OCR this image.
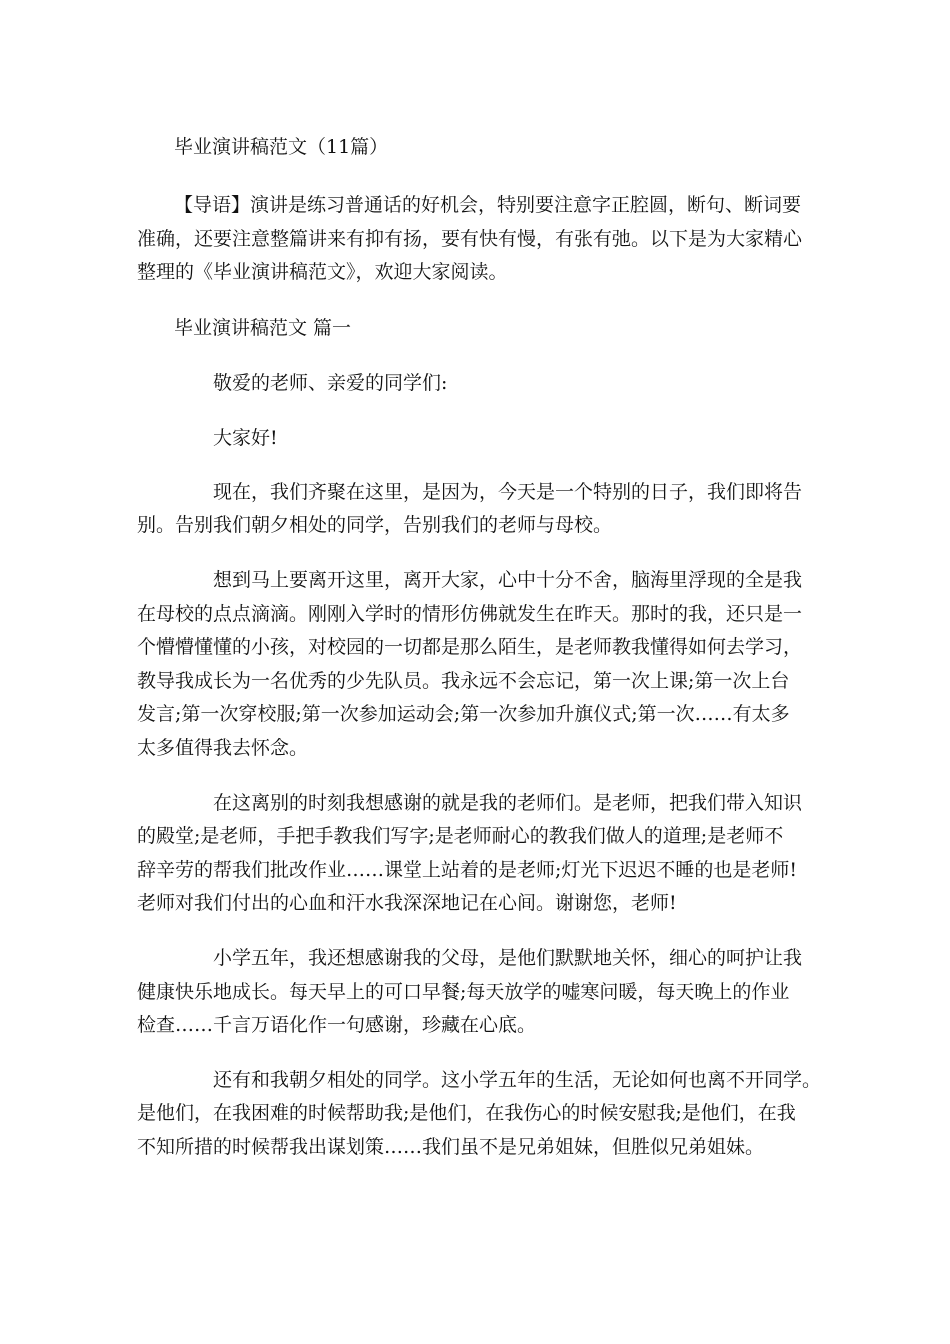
毕业演讲稿范文（11篇）
【导语】演讲是练习普通话的好机会，特别要注意字正腔圆，断句、断词要
准确，还要注意整篇讲来有抑有扬，要有快有慢，有张有弛。以下是为大家精心
整理的《毕业演讲稿范文》，欢迎大家阅读。
毕业演讲稿范文 篇一
敬爱的老师、亲爱的同学们:
大家好!
现在，我们齐聚在这里，是因为，今天是一个特别的日子，我们即将告
别。告别我们朝夕相处的同学，告别我们的老师与母校。
想到马上要离开这里，离开大家，心中十分不舍，脑海里浮现的全是我
在母校的点点滴滴。刚刚入学时的情形仿佛就发生在昨天。那时的我，还只是一
个懵懵懂懂的小孩，对校园的一切都是那么陌生，是老师教我懂得如何去学习，
教导我成长为一名优秀的少先队员。我永远不会忘记，第一次上课;第一次上台
发言;第一次穿校服;第一次参加运动会;第一次参加升旗仪式;第一次……有太多
太多值得我去怀念。
在这离别的时刻我想感谢的就是我的老师们。是老师，把我们带入知识
的殿堂;是老师，手把手教我们写字;是老师耐心的教我们做人的道理;是老师不
辞辛劳的帮我们批改作业……课堂上站着的是老师;灯光下迟迟不睡的也是老师!
老师对我们付出的心血和汗水我深深地记在心间。谢谢您，老师!
小学五年，我还想感谢我的父母，是他们默默地关怀，细心的呵护让我
健康快乐地成长。每天早上的可口早餐;每天放学的嘘寒问暖，每天晚上的作业
检查……千言万语化作一句感谢，珍藏在心底。
还有和我朝夕相处的同学。这小学五年的生活，无论如何也离不开同学。
是他们，在我困难的时候帮助我;是他们，在我伤心的时候安慰我;是他们，在我
不知所措的时候帮我出谋划策……我们虽不是兄弟姐妹，但胜似兄弟姐妹。
